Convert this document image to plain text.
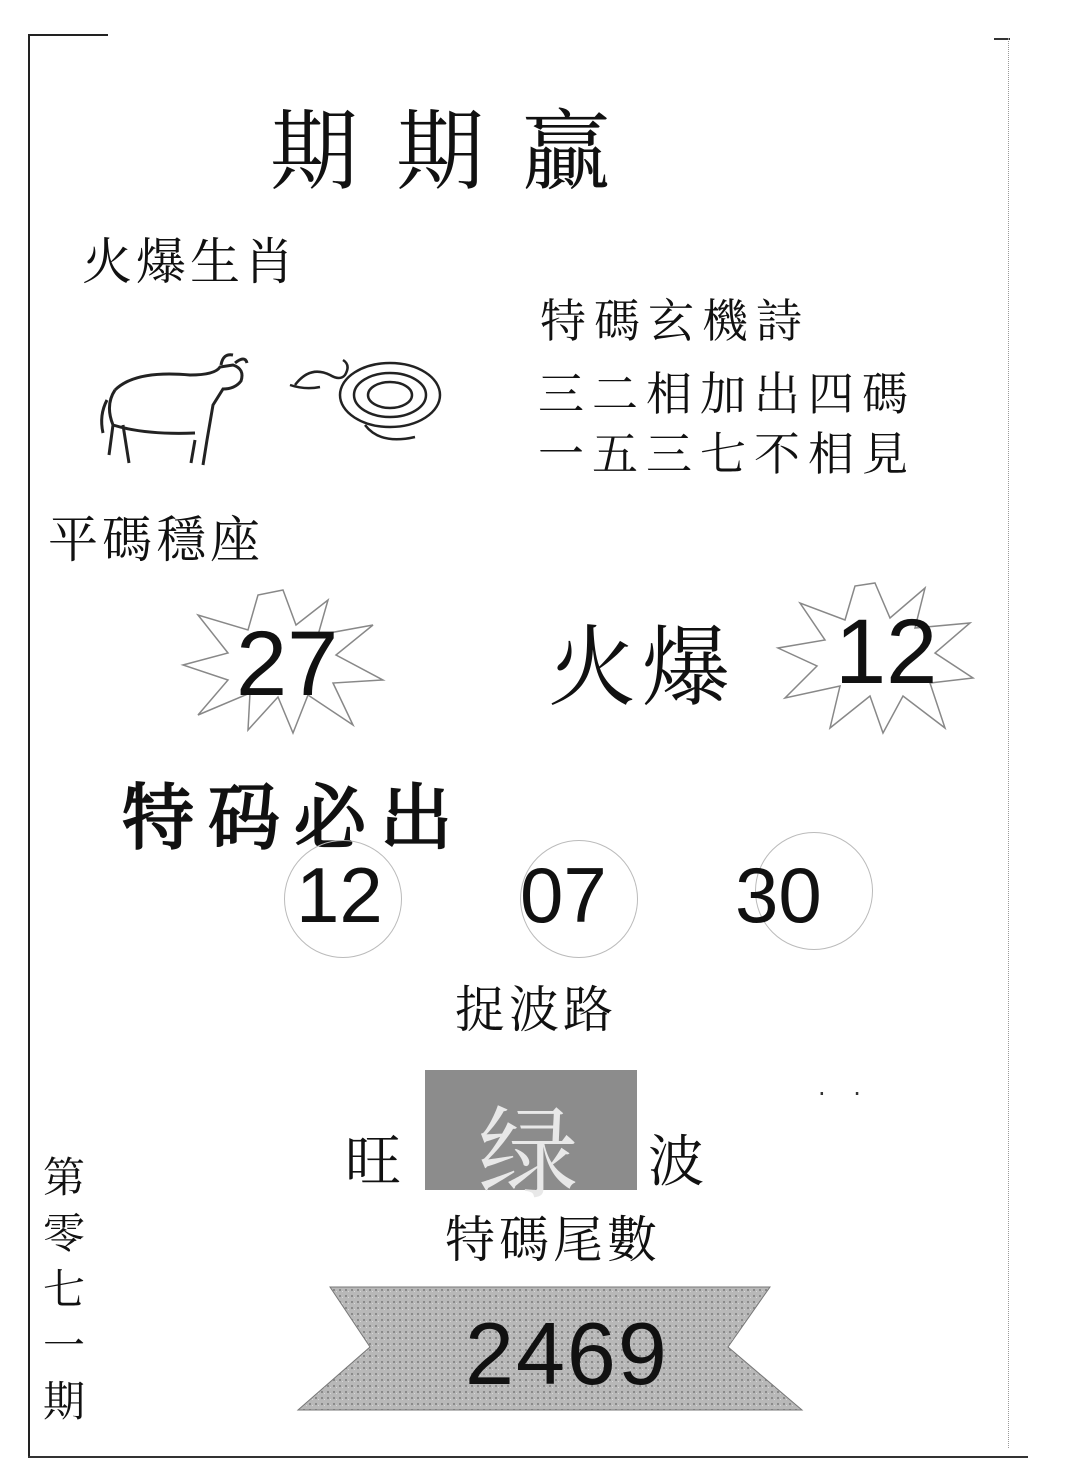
期期贏
火爆生肖
特碼玄機詩
三二相加出四碼
一五三七不相見
平碼穩座
27 火爆 12
特码必出
12 07 30
捉波路
· ·
旺 绿 波
特碼尾數
2469
第
零
七
一
期
